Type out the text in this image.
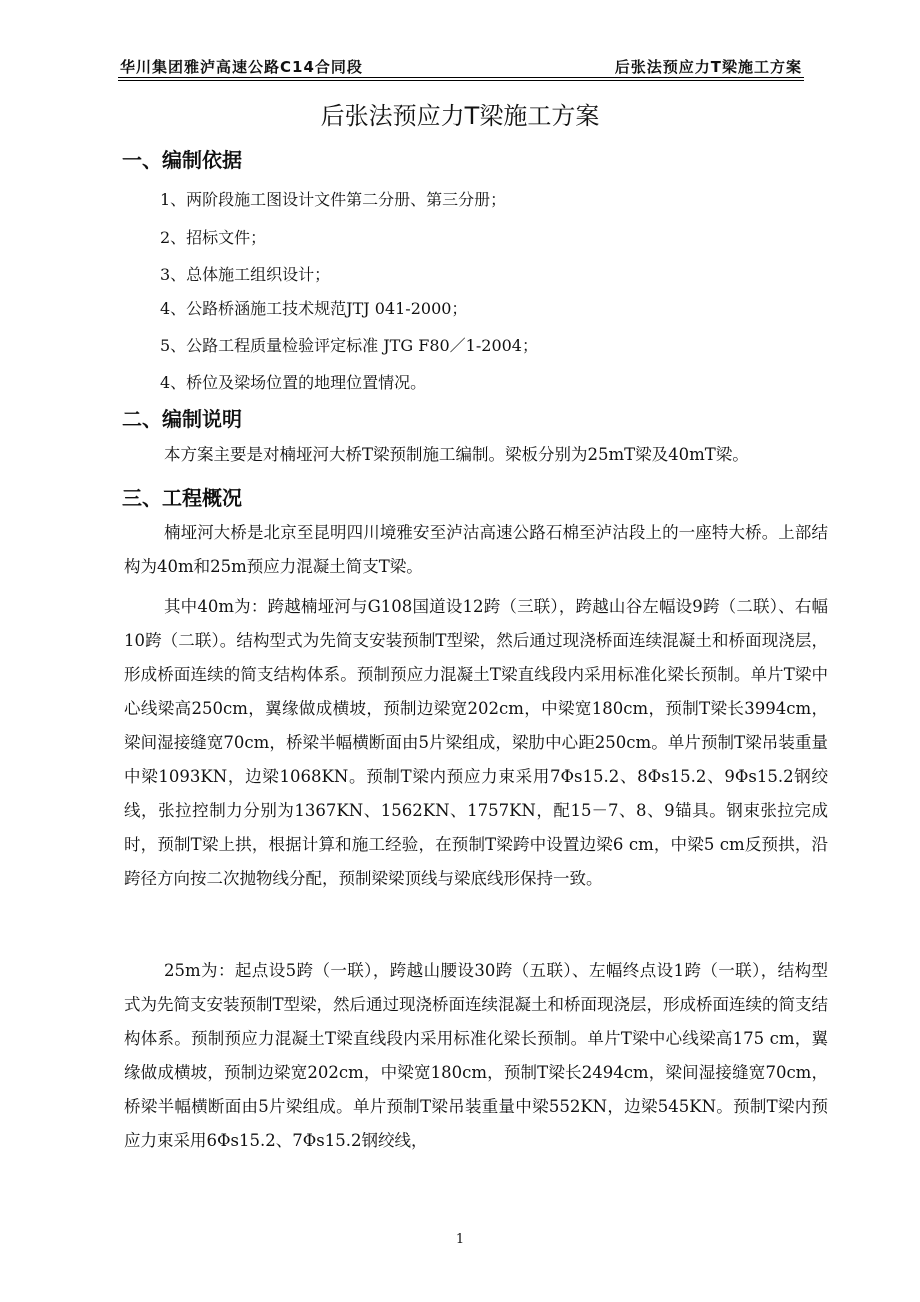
华川集团雅泸高速公路C14合同段	后张法预应力T梁施工方案
后张法预应力T梁施工方案
一、编制依据
1、两阶段施工图设计文件第二分册、第三分册；
2、招标文件；
3、总体施工组织设计；
4、公路桥涵施工技术规范JTJ 041-2000；
5、公路工程质量检验评定标准 JTG F80／1-2004；
4、桥位及梁场位置的地理位置情况。
二、编制说明
本方案主要是对楠垭河大桥T梁预制施工编制。梁板分别为25mT梁及40mT梁。
三、工程概况
楠垭河大桥是北京至昆明四川境雅安至泸沽高速公路石棉至泸沽段上的一座特大桥。上部结构为40m和25m预应力混凝土简支T梁。
其中40m为：跨越楠垭河与G108国道设12跨（三联），跨越山谷左幅设9跨（二联）、右幅10跨（二联）。结构型式为先简支安装预制T型梁，然后通过现浇桥面连续混凝土和桥面现浇层，形成桥面连续的简支结构体系。预制预应力混凝土T梁直线段内采用标准化梁长预制。单片T梁中心线梁高250cm，翼缘做成横坡，预制边梁宽202cm，中梁宽180cm，预制T梁长3994cm，梁间湿接缝宽70cm，桥梁半幅横断面由5片梁组成，梁肋中心距250cm。单片预制T梁吊装重量中梁1093KN，边梁1068KN。预制T梁内预应力束采用7Φs15.2、8Φs15.2、9Φs15.2钢绞线，张拉控制力分别为1367KN、1562KN、1757KN，配15－7、8、9锚具。钢束张拉完成时，预制T梁上拱，根据计算和施工经验，在预制T梁跨中设置边梁6 cm，中梁5 cm反预拱，沿跨径方向按二次抛物线分配，预制梁梁顶线与梁底线形保持一致。
25m为：起点设5跨（一联），跨越山腰设30跨（五联）、左幅终点设1跨（一联），结构型式为先简支安装预制T型梁，然后通过现浇桥面连续混凝土和桥面现浇层，形成桥面连续的简支结构体系。预制预应力混凝土T梁直线段内采用标准化梁长预制。单片T梁中心线梁高175 cm，翼缘做成横坡，预制边梁宽202cm，中梁宽180cm，预制T梁长2494cm，梁间湿接缝宽70cm，桥梁半幅横断面由5片梁组成。单片预制T梁吊装重量中梁552KN，边梁545KN。预制T梁内预应力束采用6Φs15.2、7Φs15.2钢绞线，
1
